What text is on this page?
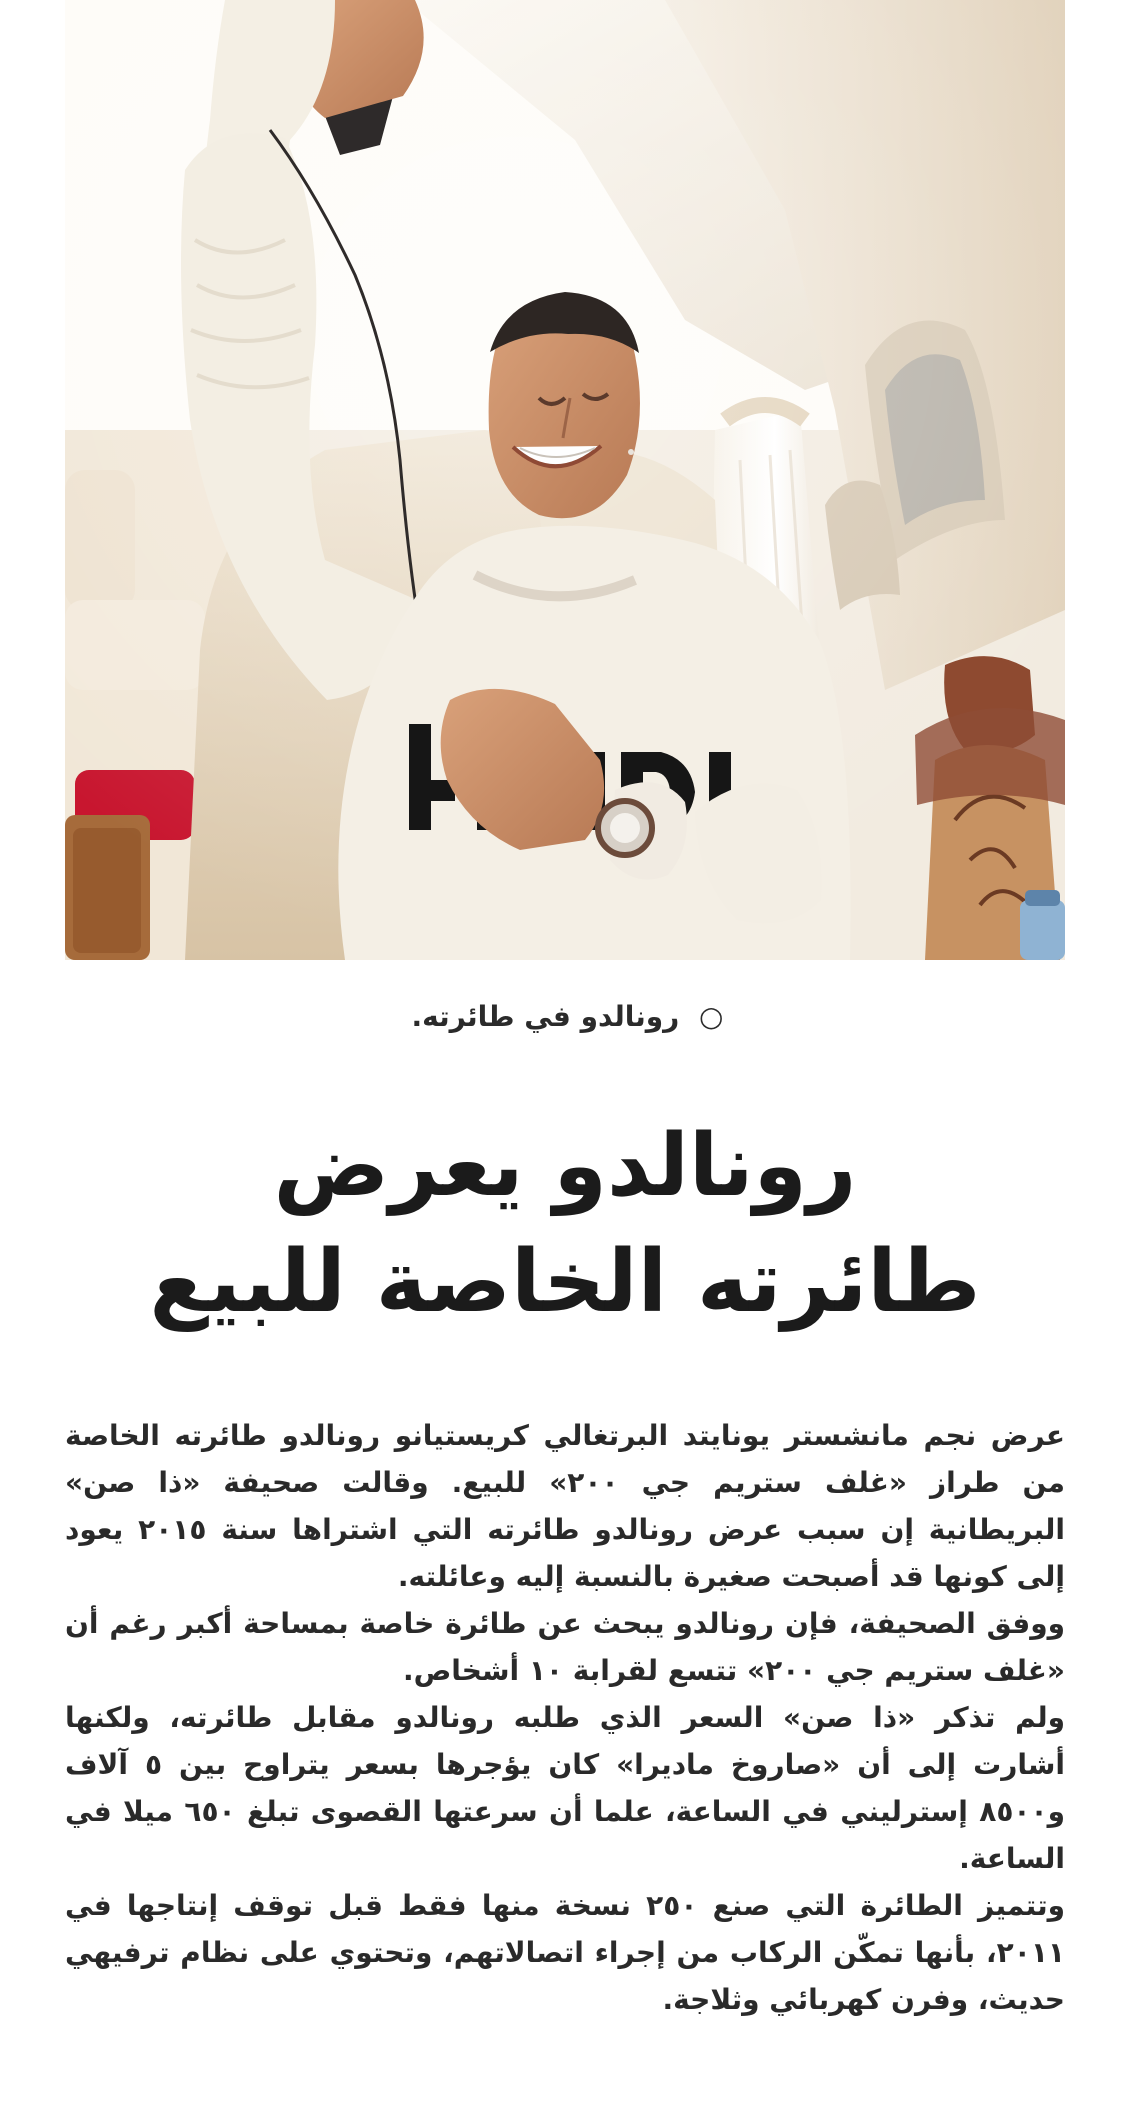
○ رونالدو في طائرته.
رونالدو يعرض
طائرته الخاصة للبيع

عرض نجم مانشستر يونايتد البرتغالي كريستيانو رونالدو طائرته الخاصة من طراز «غلف ستريم جي ٢٠٠» للبيع. وقالت صحيفة «ذا صن» البريطانية إن سبب عرض رونالدو طائرته التي اشتراها سنة ٢٠١٥ يعود إلى كونها قد أصبحت صغيرة بالنسبة إليه وعائلته.

ووفق الصحيفة، فإن رونالدو يبحث عن طائرة خاصة بمساحة أكبر رغم أن «غلف ستريم جي ٢٠٠» تتسع لقرابة ١٠ أشخاص.

ولم تذكر «ذا صن» السعر الذي طلبه رونالدو مقابل طائرته، ولكنها أشارت إلى أن «صاروخ ماديرا» كان يؤجرها بسعر يتراوح بين ٥ آلاف و٨٥٠٠ إسترليني في الساعة، علما أن سرعتها القصوى تبلغ ٦٥٠ ميلا في الساعة.

وتتميز الطائرة التي صنع ٢٥٠ نسخة منها فقط قبل توقف إنتاجها في ٢٠١١، بأنها تمكّن الركاب من إجراء اتصالاتهم، وتحتوي على نظام ترفيهي حديث، وفرن كهربائي وثلاجة.
